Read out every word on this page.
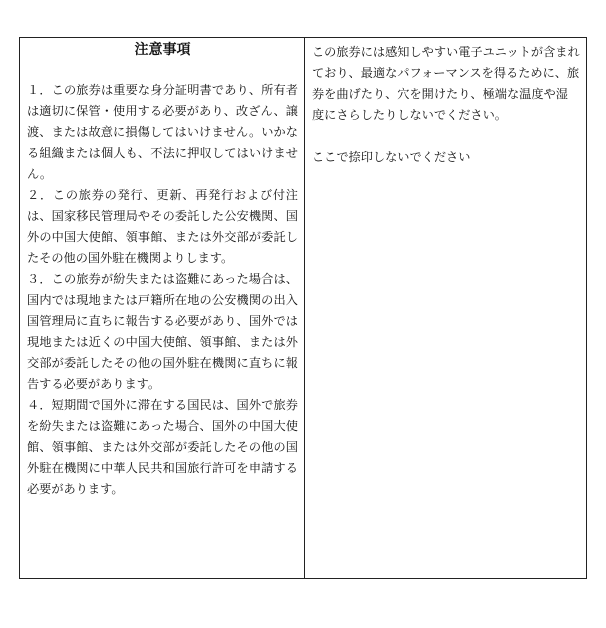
注意事項

１．この旅券は重要な身分証明書であり、所有者は適切に保管・使用する必要があり、改ざん、譲渡、または故意に損傷してはいけません。いかなる組織または個人も、不法に押収してはいけません。

２．この旅券の発行、更新、再発行および付注は、国家移民管理局やその委託した公安機関、国外の中国大使館、領事館、または外交部が委託したその他の国外駐在機関よりします。

３．この旅券が紛失または盗難にあった場合は、国内では現地または戸籍所在地の公安機関の出入国管理局に直ちに報告する必要があり、国外では現地または近くの中国大使館、領事館、または外交部が委託したその他の国外駐在機関に直ちに報告する必要があります。

４．短期間で国外に滞在する国民は、国外で旅券を紛失または盗難にあった場合、国外の中国大使館、領事館、または外交部が委託したその他の国外駐在機関に中華人民共和国旅行許可を申請する必要があります。

この旅券には感知しやすい電子ユニットが含まれており、最適なパフォーマンスを得るために、旅券を曲げたり、穴を開けたり、極端な温度や湿度にさらしたりしないでください。

ここで捺印しないでください
